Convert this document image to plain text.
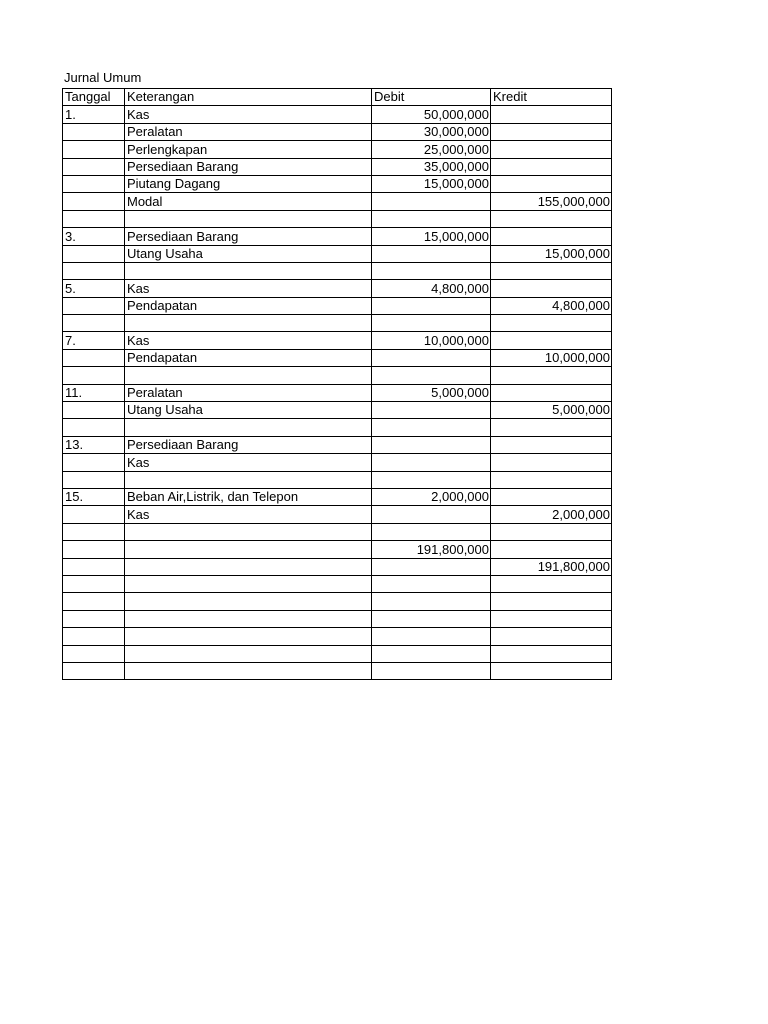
Jurnal Umum
Tanggal	Keterangan	Debit	Kredit
1.	Kas	50,000,000	
	Peralatan	30,000,000	
	Perlengkapan	25,000,000	
	Persediaan Barang	35,000,000	
	Piutang Dagang	15,000,000	
	Modal		155,000,000

3.	Persediaan Barang	15,000,000	
	Utang Usaha		15,000,000

5.	Kas	4,800,000	
	Pendapatan		4,800,000

7.	Kas	10,000,000	
	Pendapatan		10,000,000

11.	Peralatan	5,000,000	
	Utang Usaha		5,000,000

13.	Persediaan Barang		
	Kas		

15.	Beban Air,Listrik, dan Telepon	2,000,000	
	Kas		2,000,000

		191,800,000	
			191,800,000
